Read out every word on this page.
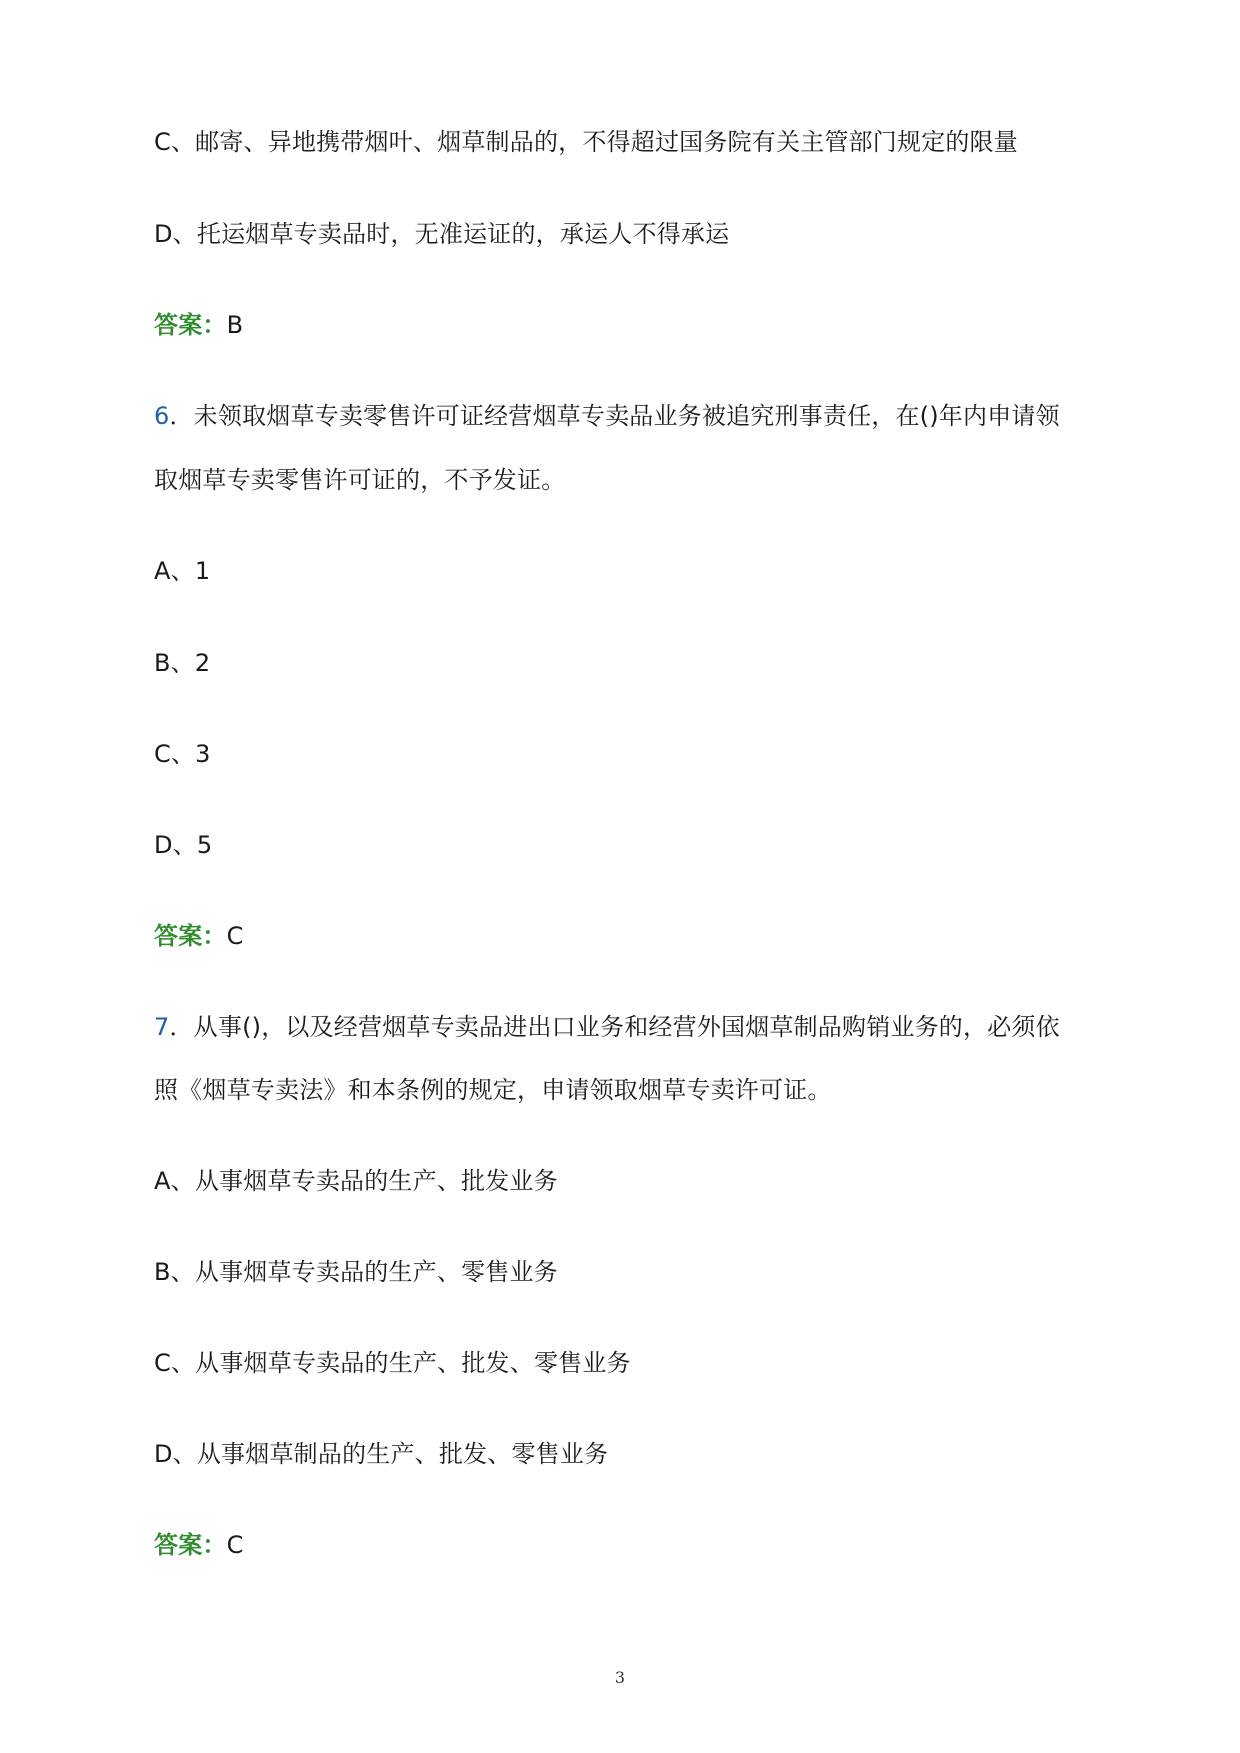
C、邮寄、异地携带烟叶、烟草制品的，不得超过国务院有关主管部门规定的限量
D、托运烟草专卖品时，无准运证的，承运人不得承运
答案：B
6．未领取烟草专卖零售许可证经营烟草专卖品业务被追究刑事责任，在()年内申请领
取烟草专卖零售许可证的，不予发证。
A、1
B、2
C、3
D、5
答案：C
7．从事()，以及经营烟草专卖品进出口业务和经营外国烟草制品购销业务的，必须依
照《烟草专卖法》和本条例的规定，申请领取烟草专卖许可证。
A、从事烟草专卖品的生产、批发业务
B、从事烟草专卖品的生产、零售业务
C、从事烟草专卖品的生产、批发、零售业务
D、从事烟草制品的生产、批发、零售业务
答案：C
3
